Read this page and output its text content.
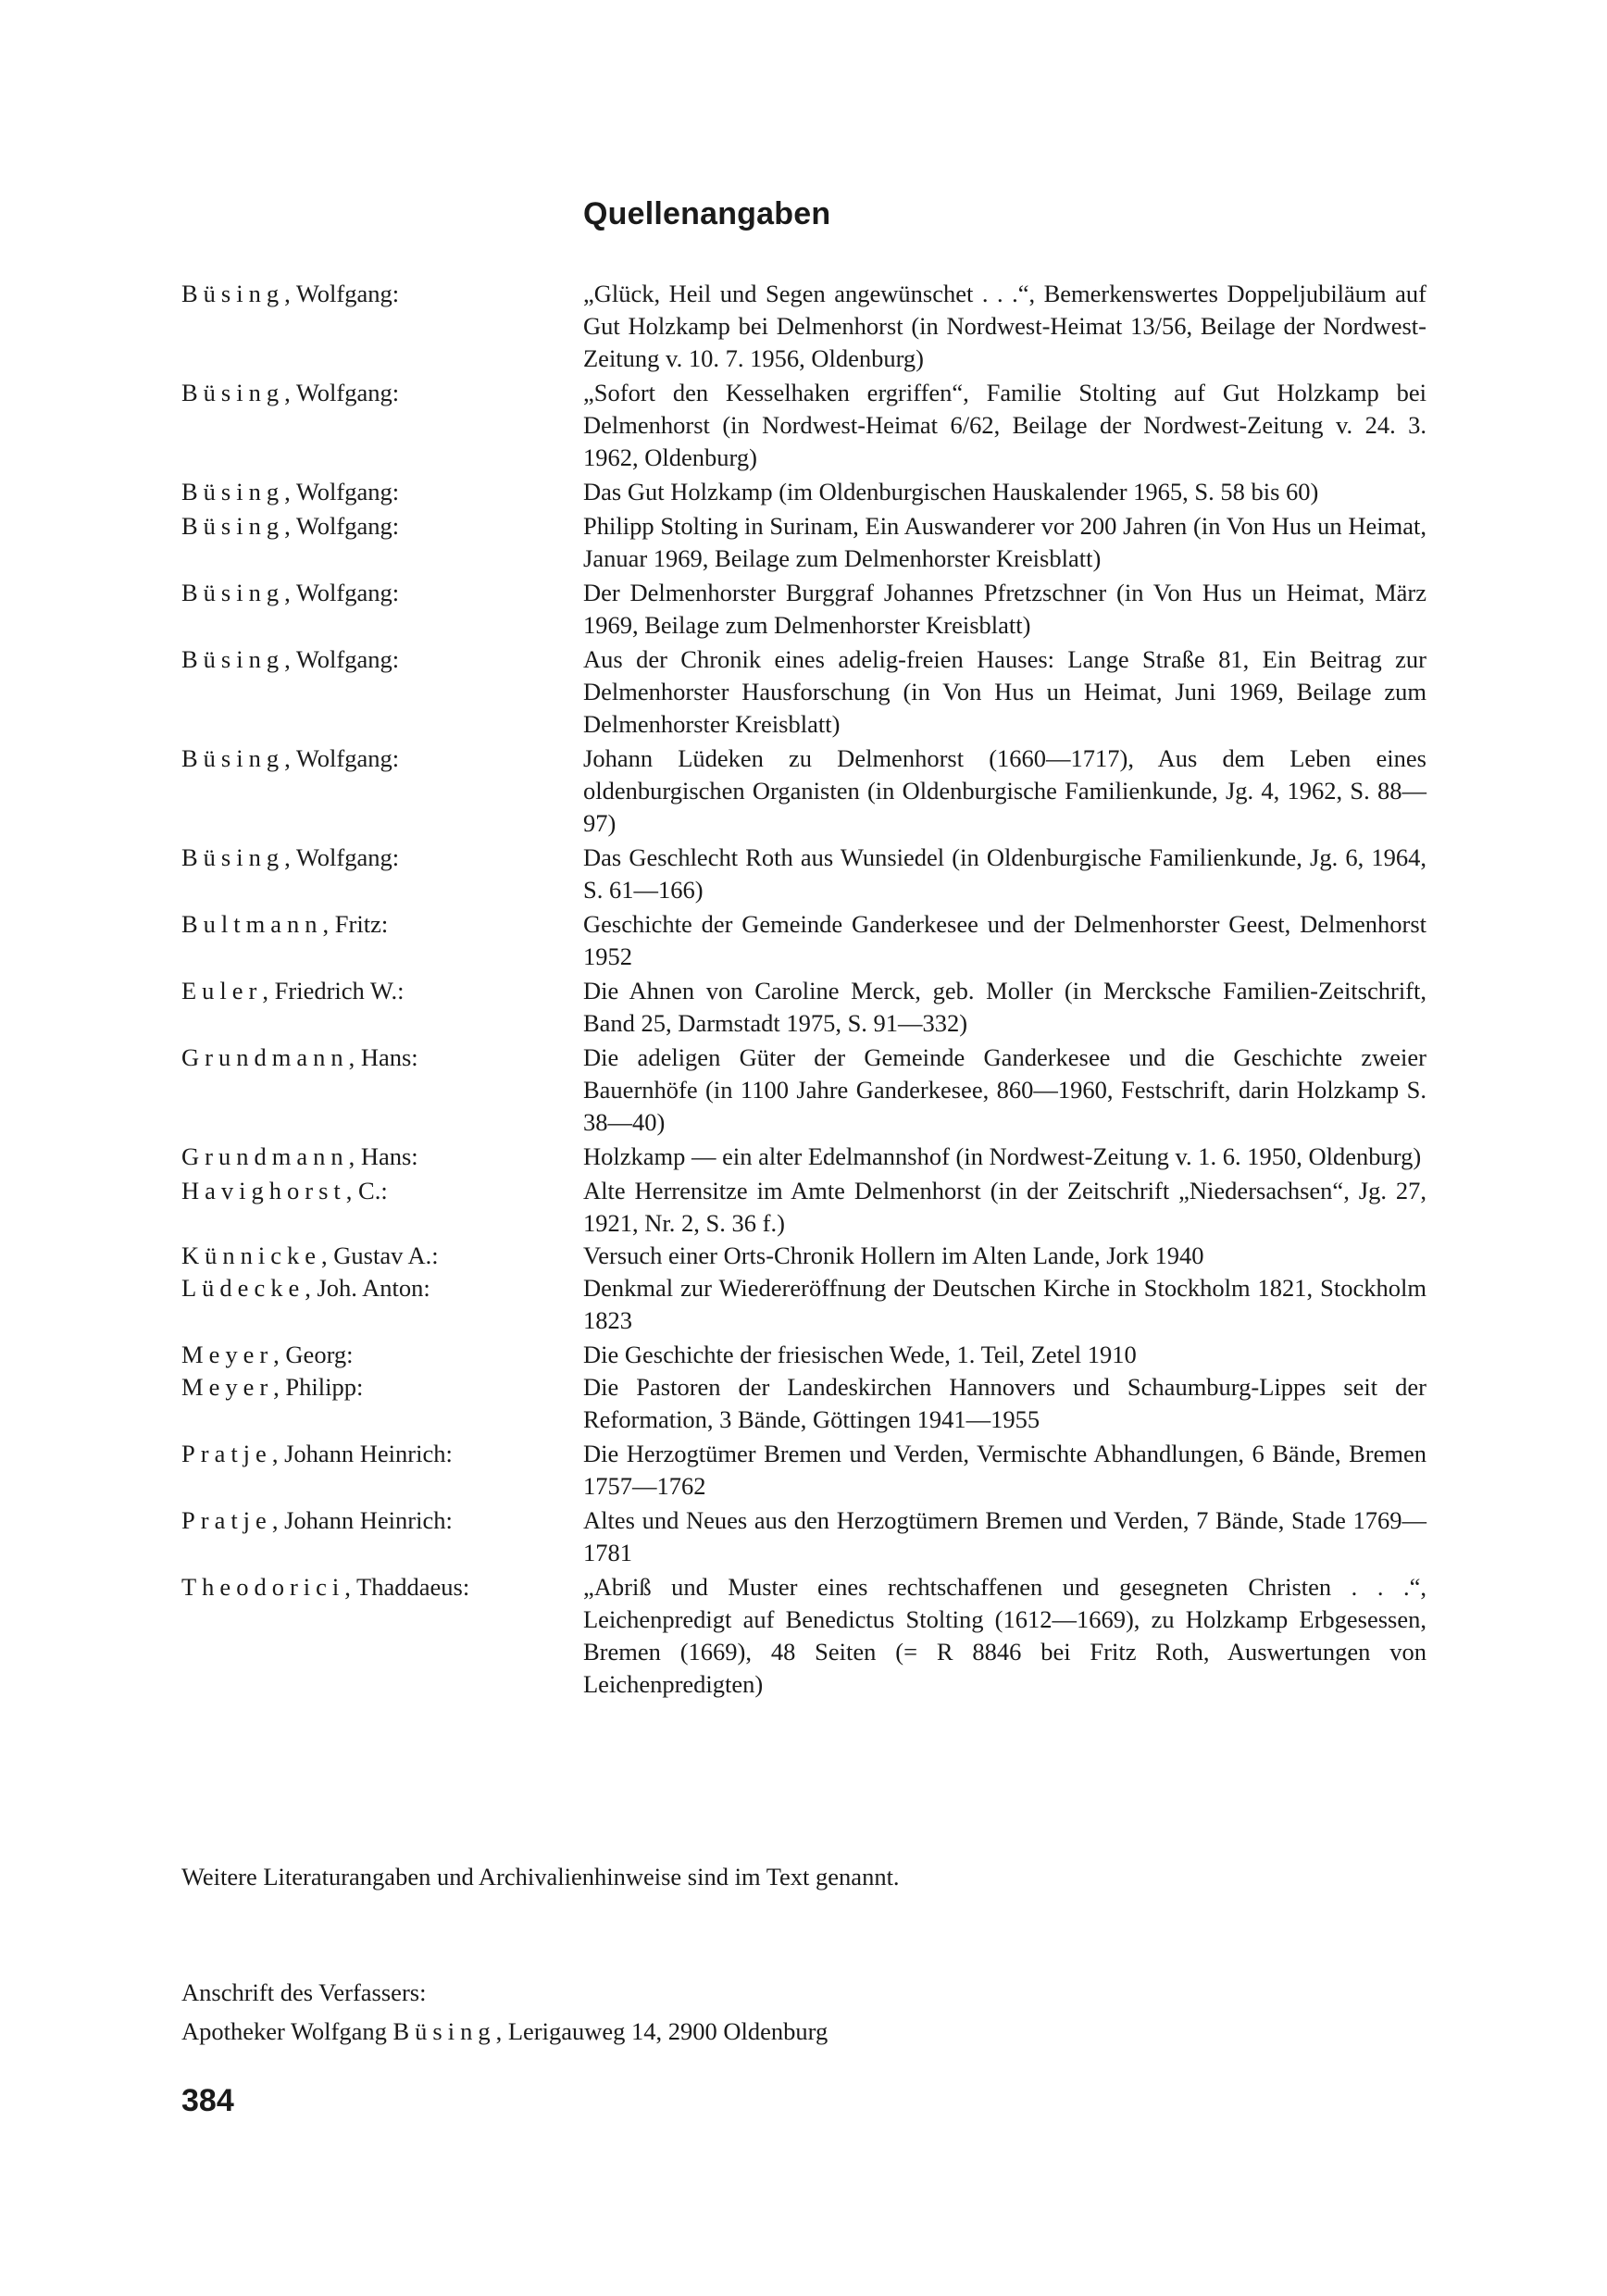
Quellenangaben
Büsing, Wolfgang:	„Glück, Heil und Segen angewünschet . . .“, Bemerkenswertes Doppeljubiläum auf Gut Holzkamp bei Delmenhorst (in Nordwest-Heimat 13/56, Beilage der Nordwest-Zeitung v. 10. 7. 1956, Oldenburg)
Büsing, Wolfgang:	„Sofort den Kesselhaken ergriffen“, Familie Stolting auf Gut Holzkamp bei Delmenhorst (in Nordwest-Heimat 6/62, Beilage der Nordwest-Zeitung v. 24. 3. 1962, Oldenburg)
Büsing, Wolfgang:	Das Gut Holzkamp (im Oldenburgischen Hauskalender 1965, S. 58 bis 60)
Büsing, Wolfgang:	Philipp Stolting in Surinam, Ein Auswanderer vor 200 Jahren (in Von Hus un Heimat, Januar 1969, Beilage zum Delmenhorster Kreisblatt)
Büsing, Wolfgang:	Der Delmenhorster Burggraf Johannes Pfretzschner (in Von Hus un Heimat, März 1969, Beilage zum Delmenhorster Kreisblatt)
Büsing, Wolfgang:	Aus der Chronik eines adelig-freien Hauses: Lange Straße 81, Ein Beitrag zur Delmenhorster Hausforschung (in Von Hus un Heimat, Juni 1969, Beilage zum Delmenhorster Kreisblatt)
Büsing, Wolfgang:	Johann Lüdeken zu Delmenhorst (1660—1717), Aus dem Leben eines oldenburgischen Organisten (in Oldenburgische Familienkunde, Jg. 4, 1962, S. 88—97)
Büsing, Wolfgang:	Das Geschlecht Roth aus Wunsiedel (in Oldenburgische Familienkunde, Jg. 6, 1964, S. 61—166)
Bultmann, Fritz:	Geschichte der Gemeinde Ganderkesee und der Delmenhorster Geest, Delmenhorst 1952
Euler, Friedrich W.:	Die Ahnen von Caroline Merck, geb. Moller (in Mercksche Familien-Zeitschrift, Band 25, Darmstadt 1975, S. 91—332)
Grundmann, Hans:	Die adeligen Güter der Gemeinde Ganderkesee und die Geschichte zweier Bauernhöfe (in 1100 Jahre Ganderkesee, 860—1960, Festschrift, darin Holzkamp S. 38—40)
Grundmann, Hans:	Holzkamp — ein alter Edelmannshof (in Nordwest-Zeitung v. 1. 6. 1950, Oldenburg)
Havighorst, C.:	Alte Herrensitze im Amte Delmenhorst (in der Zeitschrift „Niedersachsen“, Jg. 27, 1921, Nr. 2, S. 36 f.)
Künnicke, Gustav A.:	Versuch einer Orts-Chronik Hollern im Alten Lande, Jork 1940
Lüdecke, Joh. Anton:	Denkmal zur Wiedereröffnung der Deutschen Kirche in Stockholm 1821, Stockholm 1823
Meyer, Georg:	Die Geschichte der friesischen Wede, 1. Teil, Zetel 1910
Meyer, Philipp:	Die Pastoren der Landeskirchen Hannovers und Schaumburg-Lippes seit der Reformation, 3 Bände, Göttingen 1941—1955
Pratje, Johann Heinrich:	Die Herzogtümer Bremen und Verden, Vermischte Abhandlungen, 6 Bände, Bremen 1757—1762
Pratje, Johann Heinrich:	Altes und Neues aus den Herzogtümern Bremen und Verden, 7 Bände, Stade 1769—1781
Theodorici, Thaddaeus:	„Abriß und Muster eines rechtschaffenen und gesegneten Christen . . .“, Leichenpredigt auf Benedictus Stolting (1612—1669), zu Holzkamp Erbgesessen, Bremen (1669), 48 Seiten (= R 8846 bei Fritz Roth, Auswertungen von Leichenpredigten)
Weitere Literaturangaben und Archivalienhinweise sind im Text genannt.
Anschrift des Verfassers:
Apotheker Wolfgang Büsing, Lerigauweg 14, 2900 Oldenburg
384
